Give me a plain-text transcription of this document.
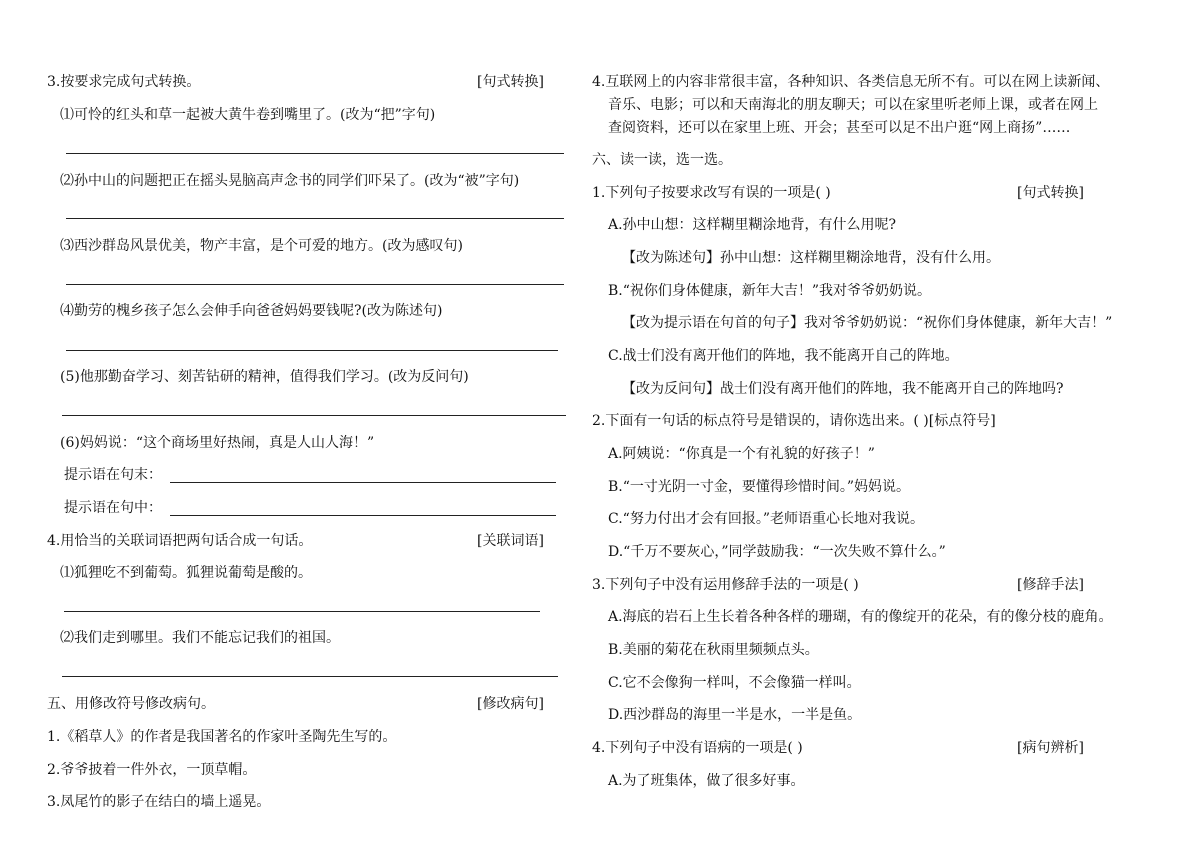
3.按要求完成句式转换。	[句式转换]
⑴可怜的红头和草一起被大黄牛卷到嘴里了。(改为“把”字句)
⑵孙中山的问题把正在摇头晃脑高声念书的同学们吓呆了。(改为“被”字句)
⑶西沙群岛风景优美，物产丰富，是个可爱的地方。(改为感叹句)
⑷勤劳的槐乡孩子怎么会伸手向爸爸妈妈要钱呢?(改为陈述句)
(5)他那勤奋学习、刻苦钻研的精神，值得我们学习。(改为反问句)
(6)妈妈说：“这个商场里好热闹，真是人山人海！”
提示语在句末：
提示语在句中：
4.用恰当的关联词语把两句话合成一句话。	[关联词语]
⑴狐狸吃不到葡萄。狐狸说葡萄是酸的。
⑵我们走到哪里。我们不能忘记我们的祖国。
五、用修改符号修改病句。	[修改病句]
1.《稻草人》的作者是我国著名的作家叶圣陶先生写的。
2.爷爷披着一件外衣，一顶草帽。
3.凤尾竹的影子在结白的墙上遥晃。
4.互联网上的内容非常很丰富，各种知识、各类信息无所不有。可以在网上读新闻、
音乐、电影；可以和天南海北的朋友聊天；可以在家里听老师上课，或者在网上
查阅资料，还可以在家里上班、开会；甚至可以足不出户逛“网上商扬”……
六、读一读，选一选。
1.下列句子按要求改写有误的一项是( )	[句式转换]
A.孙中山想：这样糊里糊涂地背，有什么用呢?
【改为陈述句】孙中山想：这样糊里糊涂地背，没有什么用。
B.“祝你们身体健康，新年大吉！”我对爷爷奶奶说。
【改为提示语在句首的句子】我对爷爷奶奶说：“祝你们身体健康，新年大吉！”
C.战士们没有离开他们的阵地，我不能离开自己的阵地。
【改为反问句】战士们没有离开他们的阵地，我不能离开自己的阵地吗?
2.下面有一句话的标点符号是错误的，请你选出来。( )[标点符号]
A.阿姨说：“你真是一个有礼貌的好孩子！”
B.“一寸光阴一寸金，要懂得珍惜时间。”妈妈说。
C.“努力付出才会有回报。”老师语重心长地对我说。
D.“千万不要灰心，”同学鼓励我：“一次失败不算什么。”
3.下列句子中没有运用修辞手法的一项是( )	[修辞手法]
A.海底的岩石上生长着各种各样的珊瑚，有的像绽开的花朵，有的像分枝的鹿角。
B.美丽的菊花在秋雨里频频点头。
C.它不会像狗一样叫，不会像猫一样叫。
D.西沙群岛的海里一半是水，一半是鱼。
4.下列句子中没有语病的一项是( )	[病句辨析]
A.为了班集体，做了很多好事。
